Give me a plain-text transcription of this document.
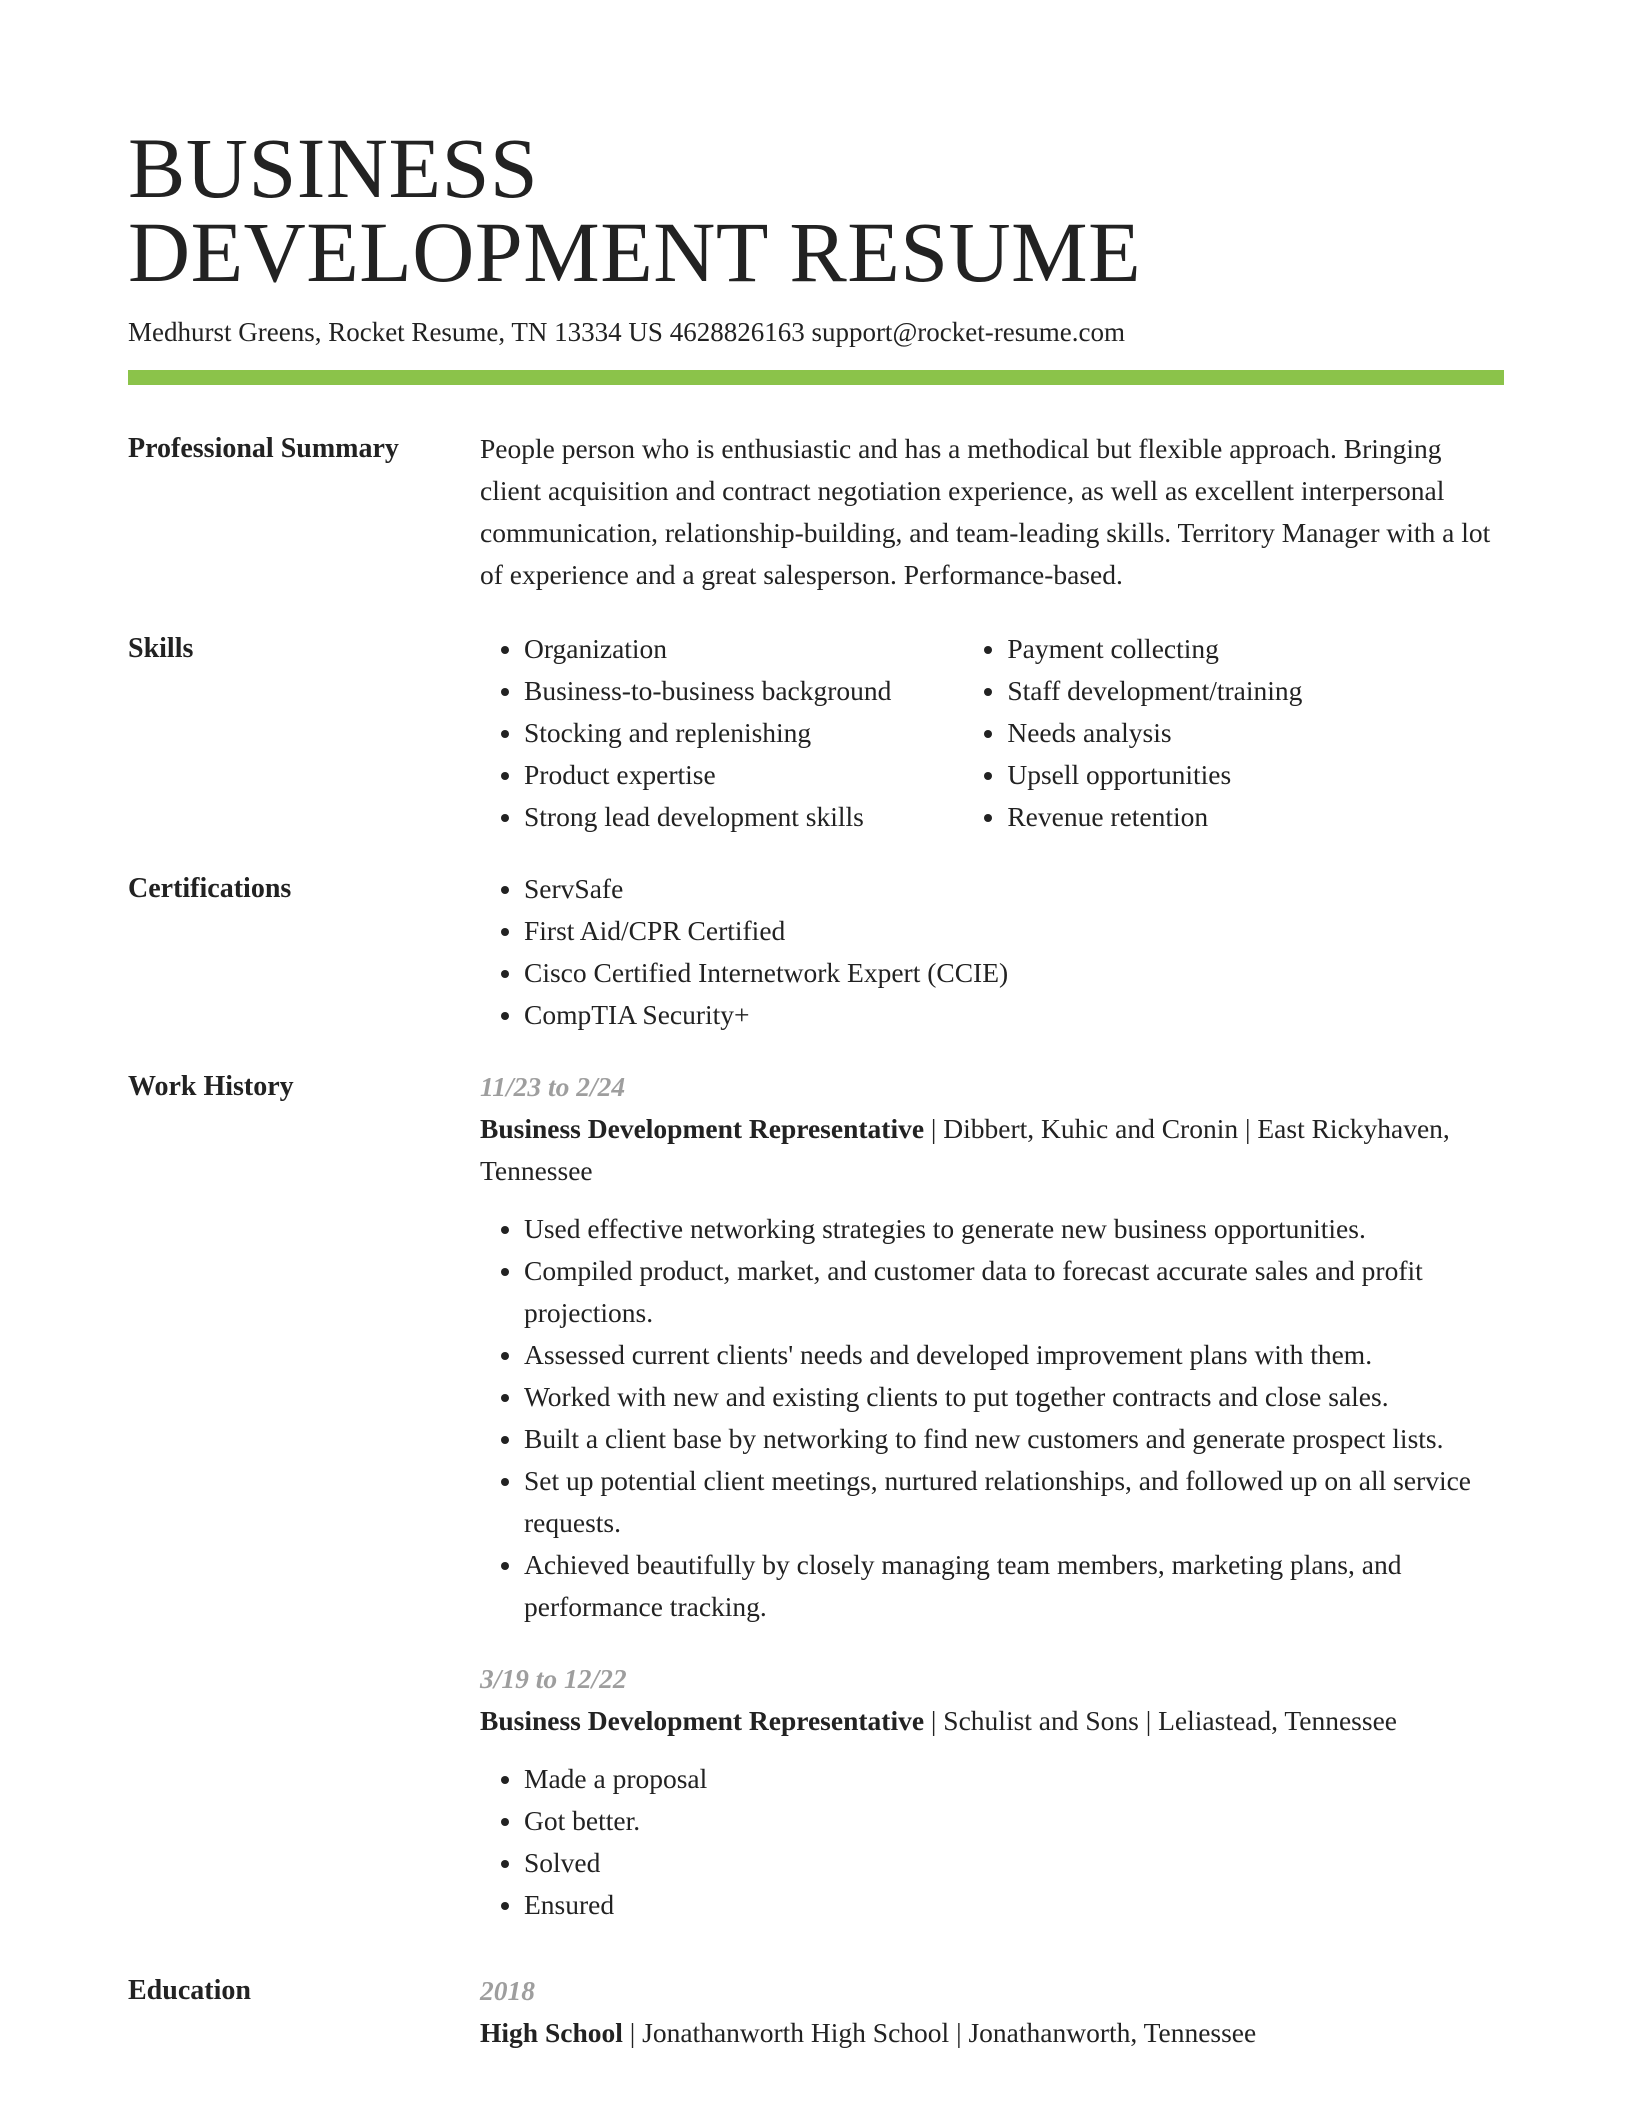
BUSINESS
DEVELOPMENT RESUME
Medhurst Greens, Rocket Resume, TN 13334 US 4628826163 support@rocket-resume.com
Professional Summary	People person who is enthusiastic and has a methodical but flexible approach. Bringing client acquisition and contract negotiation experience, as well as excellent interpersonal communication, relationship-building, and team-leading skills. Territory Manager with a lot of experience and a great salesperson. Performance-based.

Skills	• Organization
• Business-to-business background
• Stocking and replenishing
• Product expertise
• Strong lead development skills
• Payment collecting
• Staff development/training
• Needs analysis
• Upsell opportunities
• Revenue retention
Certifications	• ServSafe
• First Aid/CPR Certified
• Cisco Certified Internetwork Expert (CCIE)
• CompTIA Security+
Work History	11/23 to 2/24
Business Development Representative | Dibbert, Kuhic and Cronin | East Rickyhaven, Tennessee
• Used effective networking strategies to generate new business opportunities.
• Compiled product, market, and customer data to forecast accurate sales and profit projections.
• Assessed current clients' needs and developed improvement plans with them.
• Worked with new and existing clients to put together contracts and close sales.
• Built a client base by networking to find new customers and generate prospect lists.
• Set up potential client meetings, nurtured relationships, and followed up on all service requests.
• Achieved beautifully by closely managing team members, marketing plans, and performance tracking.
3/19 to 12/22
Business Development Representative | Schulist and Sons | Leliastead, Tennessee
• Made a proposal
• Got better.
• Solved
• Ensured
Education	2018
High School | Jonathanworth High School | Jonathanworth, Tennessee
